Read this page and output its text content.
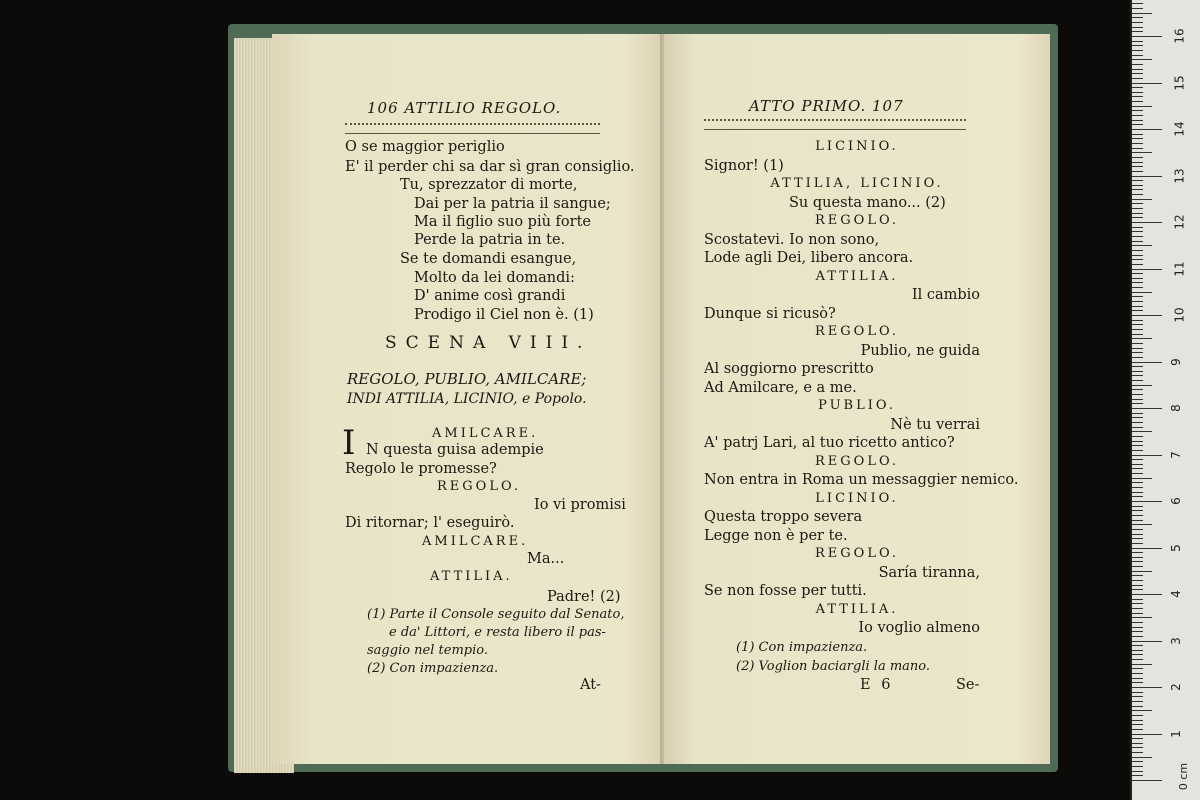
106 ATTILIO REGOLO.
O se maggior periglio
E' il perder chi sa dar sì gran consiglio.
Tu, sprezzator di morte,
Dai per la patria il sangue;
Ma il figlio suo più forte
Perde la patria in te.
Se te domandi esangue,
Molto da lei domandi:
D' anime così grandi
Prodigo il Ciel non è. (1)
SCENA VIII.
REGOLO, PUBLIO, AMILCARE;
INDI ATTILIA, LICINIO, e Popolo.
AMILCARE.
I N questa guisa adempie
Regolo le promesse?
REGOLO.
Io vi promisi
Di ritornar; l' eseguirò.
AMILCARE.
Ma...
ATTILIA.
Padre! (2)
(1) Parte il Console seguito dal Senato,
e da' Littori, e resta libero il pas-
saggio nel tempio.
(2) Con impazienza.
At-
ATTO PRIMO. 107
LICINIO.
Signor! (1)
ATTILIA, LICINIO.
Su questa mano... (2)
REGOLO.
Scostatevi. Io non sono,
Lode agli Dei, libero ancora.
ATTILIA.
Il cambio
Dunque si ricusò?
REGOLO.
Publio, ne guida
Al soggiorno prescritto
Ad Amilcare, e a me.
PUBLIO.
Nè tu verrai
A' patrj Lari, al tuo ricetto antico?
REGOLO.
Non entra in Roma un messaggier nemico.
LICINIO.
Questa troppo severa
Legge non è per te.
REGOLO.
Saría tiranna,
Se non fosse per tutti.
ATTILIA.
Io voglio almeno
(1) Con impazienza.
(2) Voglion baciargli la mano.
E 6	Se-
1
2
3
4
5
6
7
8
9
10
11
12
13
14
15
16
0 cm
